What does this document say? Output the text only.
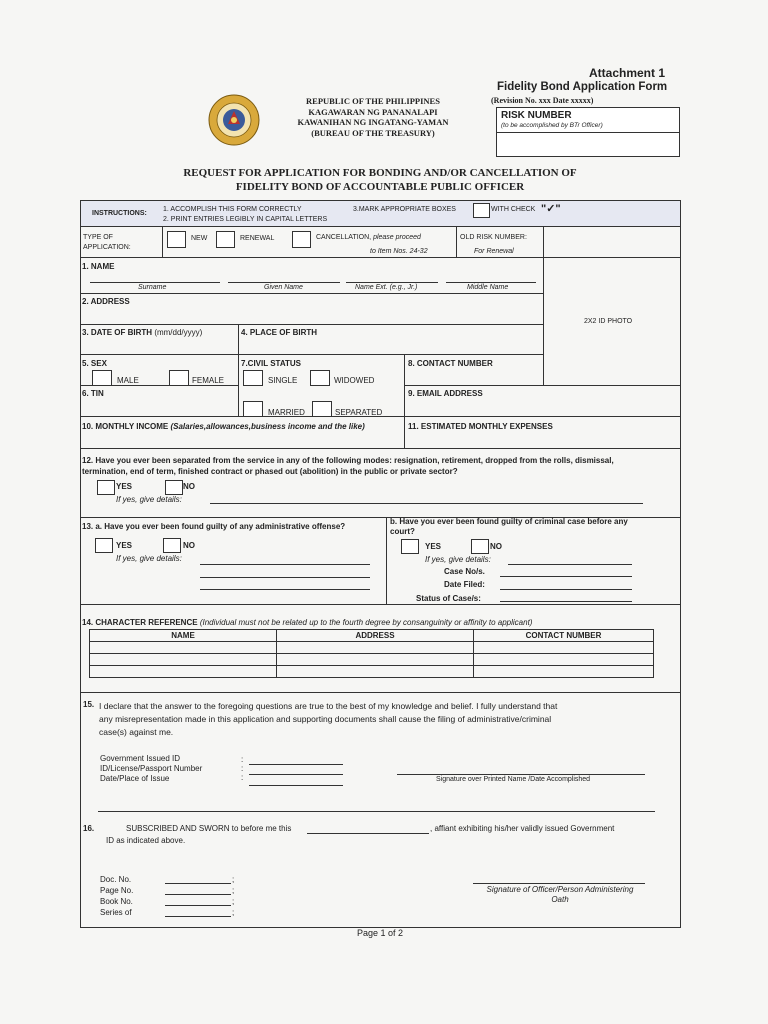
Attachment 1
Fidelity Bond Application Form
(Revision No. xxx Date xxxxx)
RISK NUMBER
(to be accomplished by BTr Officer)
REPUBLIC OF THE PHILIPPINES
KAGAWARAN NG PANANALAPI
KAWANIHAN NG INGATANG-YAMAN
(BUREAU OF THE TREASURY)
REQUEST FOR APPLICATION FOR BONDING AND/OR CANCELLATION OF
FIDELITY BOND OF ACCOUNTABLE PUBLIC OFFICER
INSTRUCTIONS:
1. ACCOMPLISH THIS FORM CORRECTLY
2. PRINT ENTRIES LEGIBLY IN CAPITAL LETTERS
3.MARK APPROPRIATE BOXES	WITH CHECK "✓"
TYPE OF APPLICATION:
NEW	RENEWAL	CANCELLATION, please proceed
to Item Nos. 24-32
OLD RISK NUMBER:
For Renewal
1. NAME
Surname	Given Name	Name Ext. (e.g., Jr.)	Middle Name
2. ADDRESS
2X2 ID PHOTO
3. DATE OF BIRTH (mm/dd/yyyy)	4. PLACE OF BIRTH
5. SEX
MALE	FEMALE
7.CIVIL STATUS
SINGLE	WIDOWED
8. CONTACT NUMBER
6. TIN
MARRIED	SEPARATED
9. EMAIL ADDRESS
10. MONTHLY INCOME (Salaries,allowances,business income and the like)	11. ESTIMATED MONTHLY EXPENSES
12. Have you ever been separated from the service in any of the following modes: resignation, retirement, dropped from the rolls, dismissal,
termination, end of term, finished contract or phased out (abolition) in the public or private sector?
YES	NO
If yes, give details:
13. a. Have you ever been found guilty of any administrative offense?
YES	NO
If yes, give details:
b. Have you ever been found guilty of criminal case before any
court?
YES	NO
If yes, give details:
Case No/s.
Date Filed:
Status of Case/s:
14. CHARACTER REFERENCE (Individual must not be related up to the fourth degree by consanguinity or affinity to applicant)
NAME	ADDRESS	CONTACT NUMBER

15. I declare that the answer to the foregoing questions are true to the best of my knowledge and belief. I fully understand that
any misrepresentation made in this application and supporting documents shall cause the filing of administrative/criminal
case(s) against me.
Government Issued ID
ID/License/Passport Number
Date/Place of Issue
:
:
:	Signature over Printed Name /Date Accomplished
16.	SUBSCRIBED AND SWORN to before me this	, affiant exhibiting his/her validly issued Government
ID as indicated above.
Doc. No.
Page No.
Book No.
Series of
;
;
;
;
Signature of Officer/Person Administering
Oath
Page 1 of 2
